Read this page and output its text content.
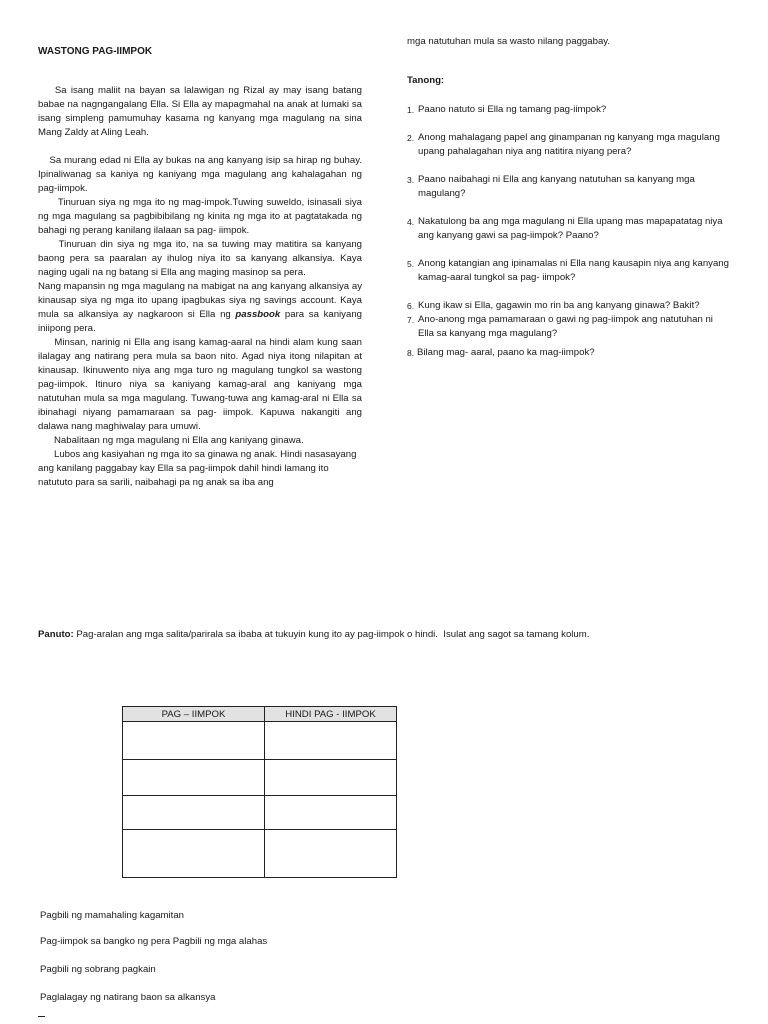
WASTONG PAG-IIMPOK

Sa isang maliit na bayan sa lalawigan ng Rizal ay may isang batang babae na nagngangalang Ella. Si Ella ay mapagmahal na anak at lumaki sa isang simpleng pamumuhay kasama ng kanyang mga magulang na sina Mang Zaldy at Aling Leah.

Sa murang edad ni Ella ay bukas na ang kanyang isip sa hirap ng buhay. Ipinaliwanag sa kaniya ng kaniyang mga magulang ang kahalagahan ng pag-iimpok.

Tinuruan siya ng mga ito ng mag-impok.Tuwing suweldo, isinasali siya ng mga magulang sa pagbibibilang ng kinita ng mga ito at pagtatakada ng bahagi ng perang kanilang ilalaan sa pag- iimpok.

Tinuruan din siya ng mga ito, na sa tuwing may matitira sa kanyang baong pera sa paaralan ay ihulog niya ito sa kanyang alkansiya. Kaya naging ugali na ng batang si Ella ang maging masinop sa pera.

Nang mapansin ng mga magulang na mabigat na ang kanyang alkansiya ay kinausap siya ng mga ito upang ipagbukas siya ng savings account. Kaya mula sa alkansiya ay nagkaroon si Ella ng passbook para sa kaniyang iniipong pera.

Minsan, narinig ni Ella ang isang kamag-aaral na hindi alam kung saan ilalagay ang natirang pera mula sa baon nito. Agad niya itong nilapitan at kinausap. Ikinuwento niya ang mga turo ng magulang tungkol sa wastong pag-iimpok. Itinuro niya sa kaniyang kamag-aral ang kaniyang mga natutuhan mula sa mga magulang. Tuwang-tuwa ang kamag-aral ni Ella sa ibinahagi niyang pamamaraan sa pag- iimpok. Kapuwa nakangiti ang dalawa nang maghiwalay para umuwi.

Nabalitaan ng mga magulang ni Ella ang kaniyang ginawa.

Lubos ang kasiyahan ng mga ito sa ginawa ng anak. Hindi nasasayang ang kanilang paggabay kay Ella sa pag-iimpok dahil hindi lamang ito natututo para sa sarili, naibahagi pa ng anak sa iba ang

mga natutuhan mula sa wasto nilang paggabay.
Tanong:
1. Paano natuto si Ella ng tamang pag-iimpok?
2. Anong mahalagang papel ang ginampanan ng kanyang mga magulang upang pahalagahan niya ang natitira niyang pera?
3. Paano naibahagi ni Ella ang kanyang natutuhan sa kanyang mga magulang?
4. Nakatulong ba ang mga magulang ni Ella upang mas mapapatatag niya ang kanyang gawi sa pag-iimpok? Paano?
5. Anong katangian ang ipinamalas ni Ella nang kausapin niya ang kanyang kamag-aaral tungkol sa pag- iimpok?
6. Kung ikaw si Ella, gagawin mo rin ba ang kanyang ginawa? Bakit?
7. Ano-anong mga pamamaraan o gawi ng pag-iimpok ang natutuhan ni Ella sa kanyang mga magulang?
8. Bilang mag- aaral, paano ka mag-iimpok?
Panuto: Pag-aralan ang mga salita/parirala sa ibaba at tukuyin kung ito ay pag-iimpok o hindi.  Isulat ang sagot sa tamang kolum.
PAG – IIMPOK	HINDI PAG - IIMPOK

Pagbili ng mamahaling kagamitan
Pag-iimpok sa bangko ng pera Pagbili ng mga alahas
Pagbili ng sobrang pagkain
Paglalagay ng natirang baon sa alkansya
